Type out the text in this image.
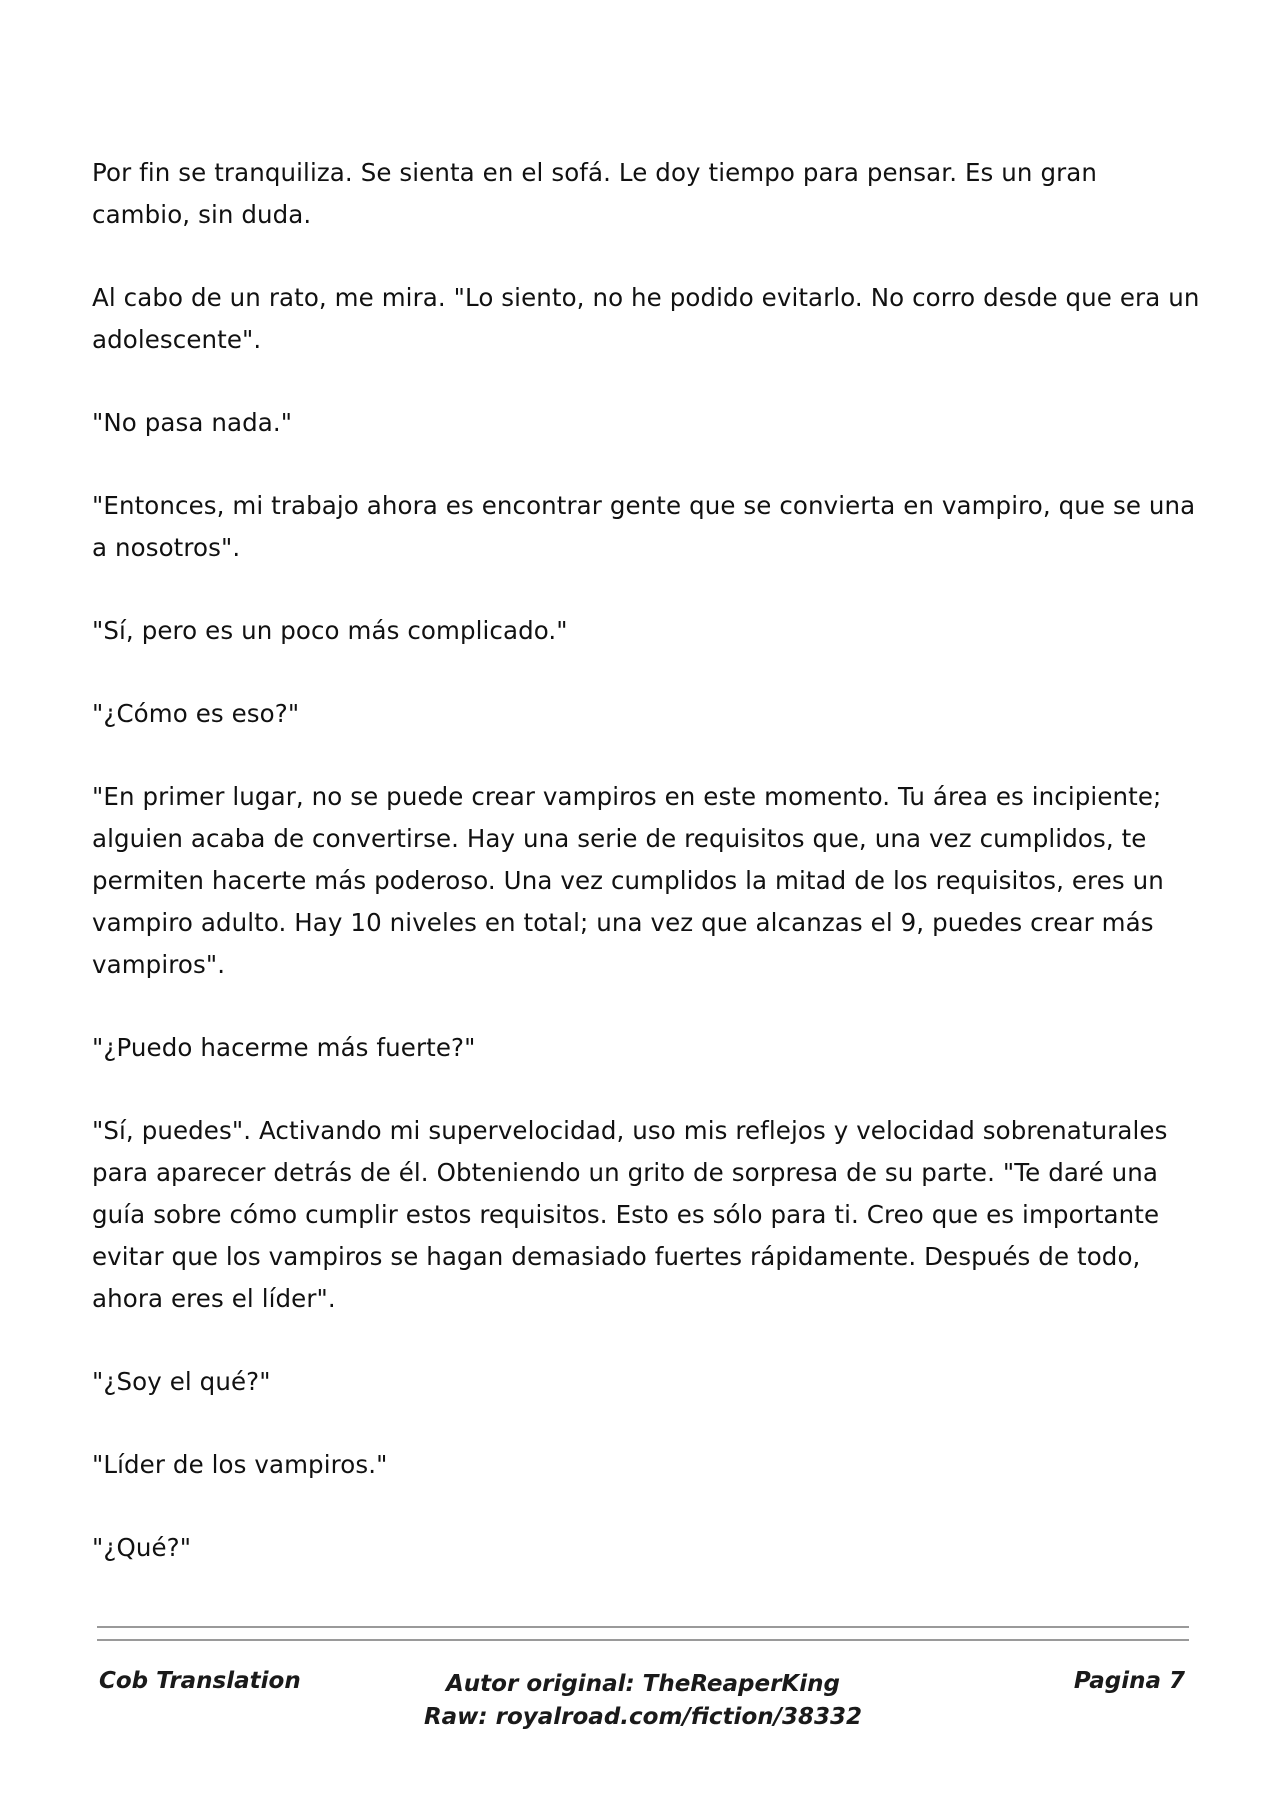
Por fin se tranquiliza. Se sienta en el sofá. Le doy tiempo para pensar. Es un gran cambio, sin duda.

Al cabo de un rato, me mira. "Lo siento, no he podido evitarlo. No corro desde que era un adolescente".

"No pasa nada."

"Entonces, mi trabajo ahora es encontrar gente que se convierta en vampiro, que se una a nosotros".

"Sí, pero es un poco más complicado."

"¿Cómo es eso?"

"En primer lugar, no se puede crear vampiros en este momento. Tu área es incipiente; alguien acaba de convertirse. Hay una serie de requisitos que, una vez cumplidos, te permiten hacerte más poderoso. Una vez cumplidos la mitad de los requisitos, eres un vampiro adulto. Hay 10 niveles en total; una vez que alcanzas el 9, puedes crear más vampiros".

"¿Puedo hacerme más fuerte?"

"Sí, puedes". Activando mi supervelocidad, uso mis reflejos y velocidad sobrenaturales para aparecer detrás de él. Obteniendo un grito de sorpresa de su parte. "Te daré una guía sobre cómo cumplir estos requisitos. Esto es sólo para ti. Creo que es importante evitar que los vampiros se hagan demasiado fuertes rápidamente. Después de todo, ahora eres el líder".

"¿Soy el qué?"

"Líder de los vampiros."

"¿Qué?"

Cob Translation	Autor original: TheReaperKing
Raw: royalroad.com/fiction/38332
Pagina 7
